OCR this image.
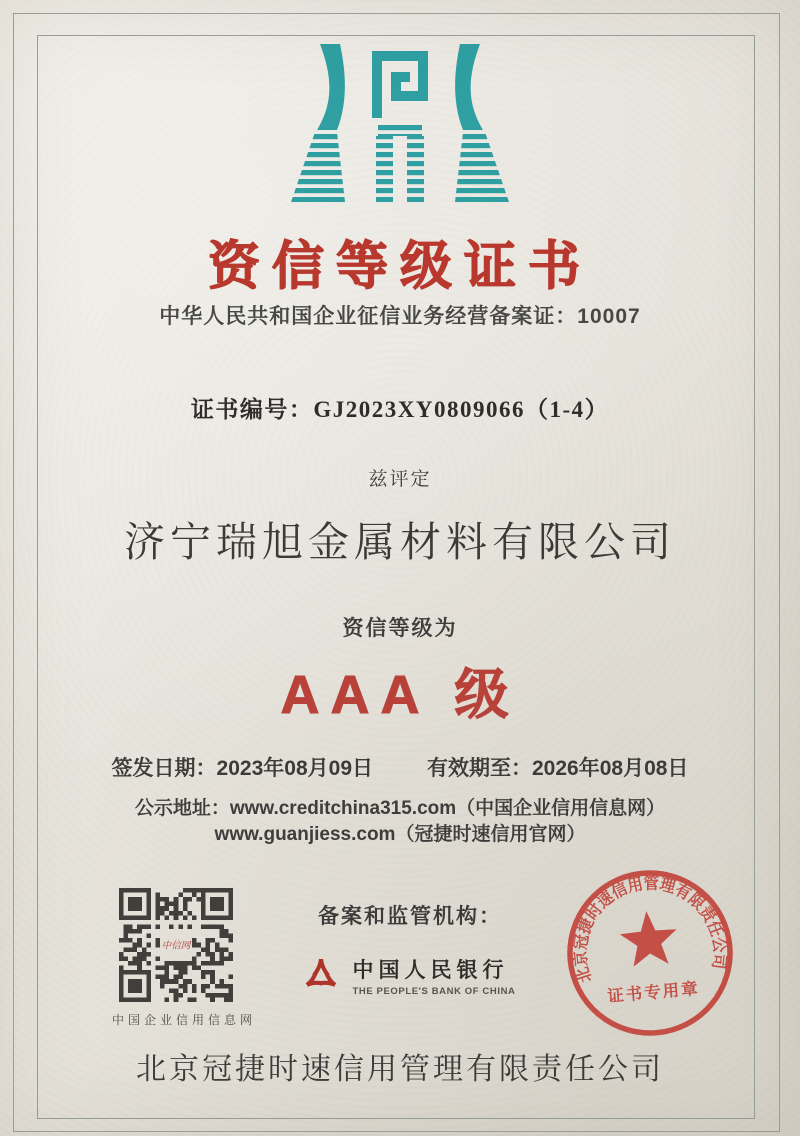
资信等级证书
中华人民共和国企业征信业务经营备案证：10007
证书编号：GJ2023XY0809066（1-4）
兹评定
济宁瑞旭金属材料有限公司
资信等级为
AAA 级
签发日期：2023年08月09日	有效期至：2026年08月08日
公示地址：www.creditchina315.com（中国企业信用信息网）
www.guanjiess.com（冠捷时速信用官网）
中信网
中国企业信用信息网
备案和监管机构：
中国人民银行
THE PEOPLE'S BANK OF CHINA
北京冠捷时速信用管理有限责任公司
证书专用章
北京冠捷时速信用管理有限责任公司
